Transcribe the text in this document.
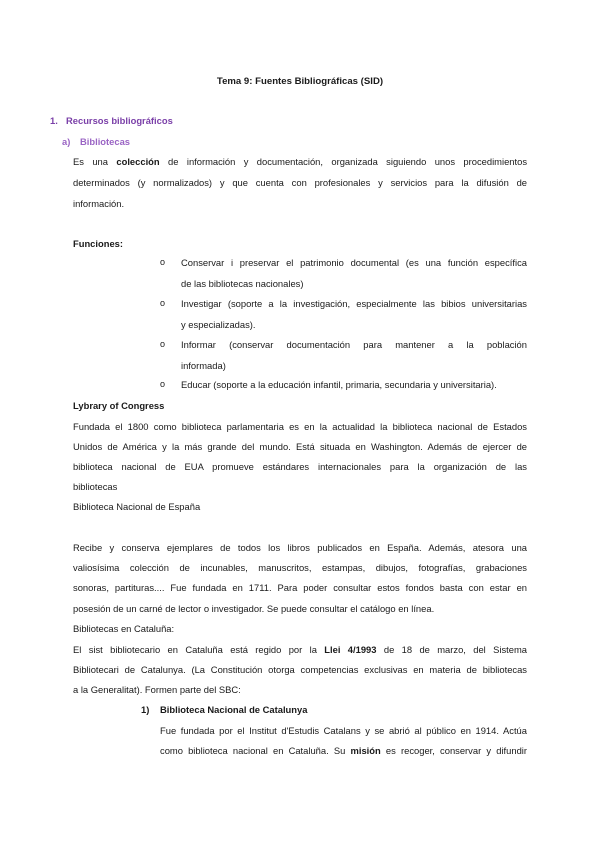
Tema 9: Fuentes Bibliográficas (SID)
1. Recursos bibliográficos
a) Bibliotecas
Es una colección de información y documentación, organizada siguiendo unos procedimientos
determinados (y normalizados) y que cuenta con profesionales y servicios para la difusión de
información.
Funciones:
o Conservar i preservar el patrimonio documental (es una función específica
de las bibliotecas nacionales)
o Investigar (soporte a la investigación, especialmente las bibios universitarias
y especializadas).
o Informar (conservar documentación para mantener a la población
informada)
o Educar (soporte a la educación infantil, primaria, secundaria y universitaria).
Lybrary of Congress
Fundada el 1800 como biblioteca parlamentaria es en la actualidad la biblioteca nacional de Estados
Unidos de América y la más grande del mundo. Está situada en Washington. Además de ejercer de
biblioteca nacional de EUA promueve estándares internacionales para la organización de las
bibliotecas
Biblioteca Nacional de España
Recibe y conserva ejemplares de todos los libros publicados en España. Además, atesora una
valiosísima colección de incunables, manuscritos, estampas, dibujos, fotografías, grabaciones
sonoras, partituras.... Fue fundada en 1711. Para poder consultar estos fondos basta con estar en
posesión de un carné de lector o investigador. Se puede consultar el catálogo en línea.
Bibliotecas en Cataluña:
El sist bibliotecario en Cataluña está regido por la Llei 4/1993 de 18 de marzo, del Sistema
Bibliotecari de Catalunya. (La Constitución otorga competencias exclusivas en materia de bibliotecas
a la Generalitat). Formen parte del SBC:
1) Biblioteca Nacional de Catalunya
Fue fundada por el Institut d'Estudis Catalans y se abrió al público en 1914. Actúa
como biblioteca nacional en Cataluña. Su misión es recoger, conservar y difundir
